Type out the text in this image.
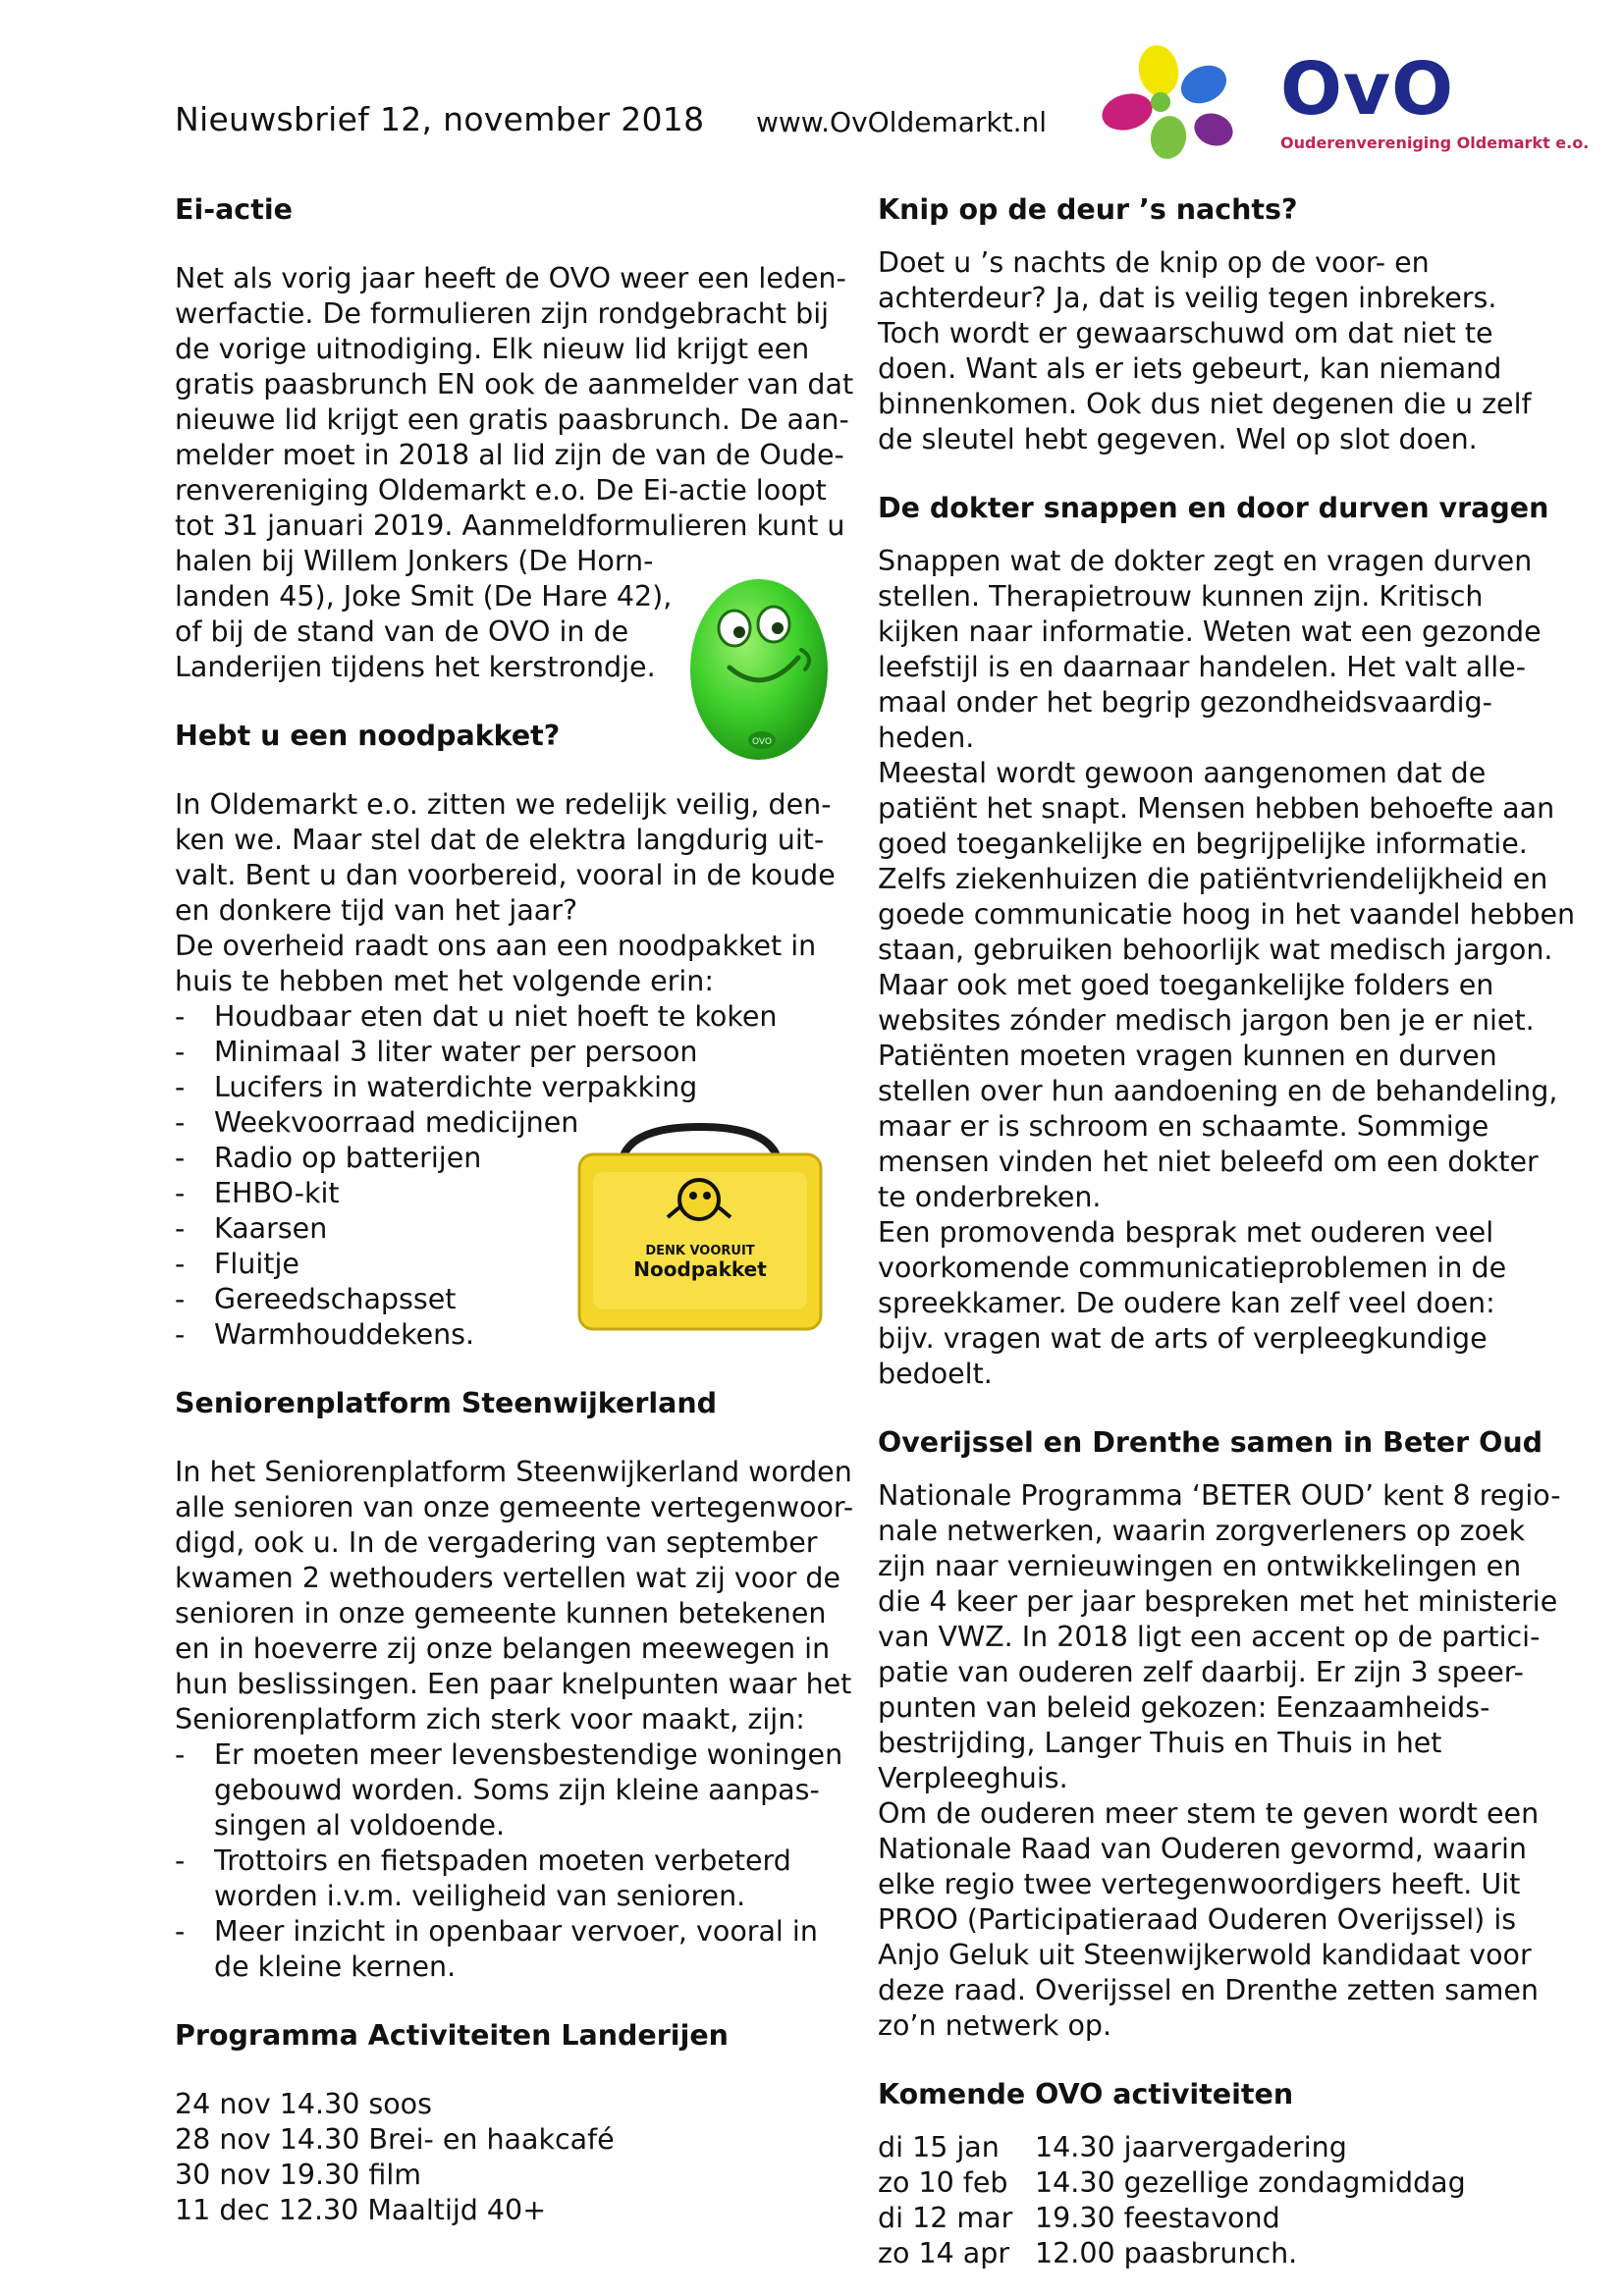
Nieuwsbrief 12, november 2018 www.OvOldemarkt.nl	OvO
Ouderenvereniging Oldemarkt e.o.
Ei-actie
Net als vorig jaar heeft de OVO weer een leden-
werfactie. De formulieren zijn rondgebracht bij
de vorige uitnodiging. Elk nieuw lid krijgt een
gratis paasbrunch EN ook de aanmelder van dat
nieuwe lid krijgt een gratis paasbrunch. De aan-
melder moet in 2018 al lid zijn de van de Oude-
renvereniging Oldemarkt e.o. De Ei-actie loopt
tot 31 januari 2019. Aanmeldformulieren kunt u
halen bij Willem Jonkers (De Horn-
landen 45), Joke Smit (De Hare 42),
of bij de stand van de OVO in de
Landerijen tijdens het kerstrondje.
Hebt u een noodpakket?
In Oldemarkt e.o. zitten we redelijk veilig, den-
ken we. Maar stel dat de elektra langdurig uit-
valt. Bent u dan voorbereid, vooral in de koude
en donkere tijd van het jaar?
De overheid raadt ons aan een noodpakket in
huis te hebben met het volgende erin:
- Houdbaar eten dat u niet hoeft te koken
- Minimaal 3 liter water per persoon
- Lucifers in waterdichte verpakking
- Weekvoorraad medicijnen
- Radio op batterijen
- EHBO-kit
- Kaarsen
- Fluitje
- Gereedschapsset
- Warmhouddekens.
Seniorenplatform Steenwijkerland
In het Seniorenplatform Steenwijkerland worden
alle senioren van onze gemeente vertegenwoor-
digd, ook u. In de vergadering van september
kwamen 2 wethouders vertellen wat zij voor de
senioren in onze gemeente kunnen betekenen
en in hoeverre zij onze belangen meewegen in
hun beslissingen. Een paar knelpunten waar het
Seniorenplatform zich sterk voor maakt, zijn:
- Er moeten meer levensbestendige woningen
gebouwd worden. Soms zijn kleine aanpas-
singen al voldoende.
- Trottoirs en fietspaden moeten verbeterd
worden i.v.m. veiligheid van senioren.
- Meer inzicht in openbaar vervoer, vooral in
de kleine kernen.
Programma Activiteiten Landerijen
24 nov 14.30 soos
28 nov 14.30 Brei- en haakcafé
30 nov 19.30 film
11 dec 12.30 Maaltijd 40+
OVO
DENK VOORUIT
Noodpakket
Knip op de deur ’s nachts?
Doet u ’s nachts de knip op de voor- en
achterdeur? Ja, dat is veilig tegen inbrekers.
Toch wordt er gewaarschuwd om dat niet te
doen. Want als er iets gebeurt, kan niemand
binnenkomen. Ook dus niet degenen die u zelf
de sleutel hebt gegeven. Wel op slot doen.
De dokter snappen en door durven vragen
Snappen wat de dokter zegt en vragen durven
stellen. Therapietrouw kunnen zijn. Kritisch
kijken naar informatie. Weten wat een gezonde
leefstijl is en daarnaar handelen. Het valt alle-
maal onder het begrip gezondheidsvaardig-
heden.
Meestal wordt gewoon aangenomen dat de
patiënt het snapt. Mensen hebben behoefte aan
goed toegankelijke en begrijpelijke informatie.
Zelfs ziekenhuizen die patiëntvriendelijkheid en
goede communicatie hoog in het vaandel hebben
staan, gebruiken behoorlijk wat medisch jargon.
Maar ook met goed toegankelijke folders en
websites zónder medisch jargon ben je er niet.
Patiënten moeten vragen kunnen en durven
stellen over hun aandoening en de behandeling,
maar er is schroom en schaamte. Sommige
mensen vinden het niet beleefd om een dokter
te onderbreken.
Een promovenda besprak met ouderen veel
voorkomende communicatieproblemen in de
spreekkamer. De oudere kan zelf veel doen:
bijv. vragen wat de arts of verpleegkundige
bedoelt.
Overijssel en Drenthe samen in Beter Oud
Nationale Programma ‘BETER OUD’ kent 8 regio-
nale netwerken, waarin zorgverleners op zoek
zijn naar vernieuwingen en ontwikkelingen en
die 4 keer per jaar bespreken met het ministerie
van VWZ. In 2018 ligt een accent op de partici-
patie van ouderen zelf daarbij. Er zijn 3 speer-
punten van beleid gekozen: Eenzaamheids-
bestrijding, Langer Thuis en Thuis in het
Verpleeghuis.
Om de ouderen meer stem te geven wordt een
Nationale Raad van Ouderen gevormd, waarin
elke regio twee vertegenwoordigers heeft. Uit
PROO (Participatieraad Ouderen Overijssel) is
Anjo Geluk uit Steenwijkerwold kandidaat voor
deze raad. Overijssel en Drenthe zetten samen
zo’n netwerk op.
Komende OVO activiteiten
di 15 jan 14.30 jaarvergadering
zo 10 feb 14.30 gezellige zondagmiddag
di 12 mar 19.30 feestavond
zo 14 apr 12.00 paasbrunch.
